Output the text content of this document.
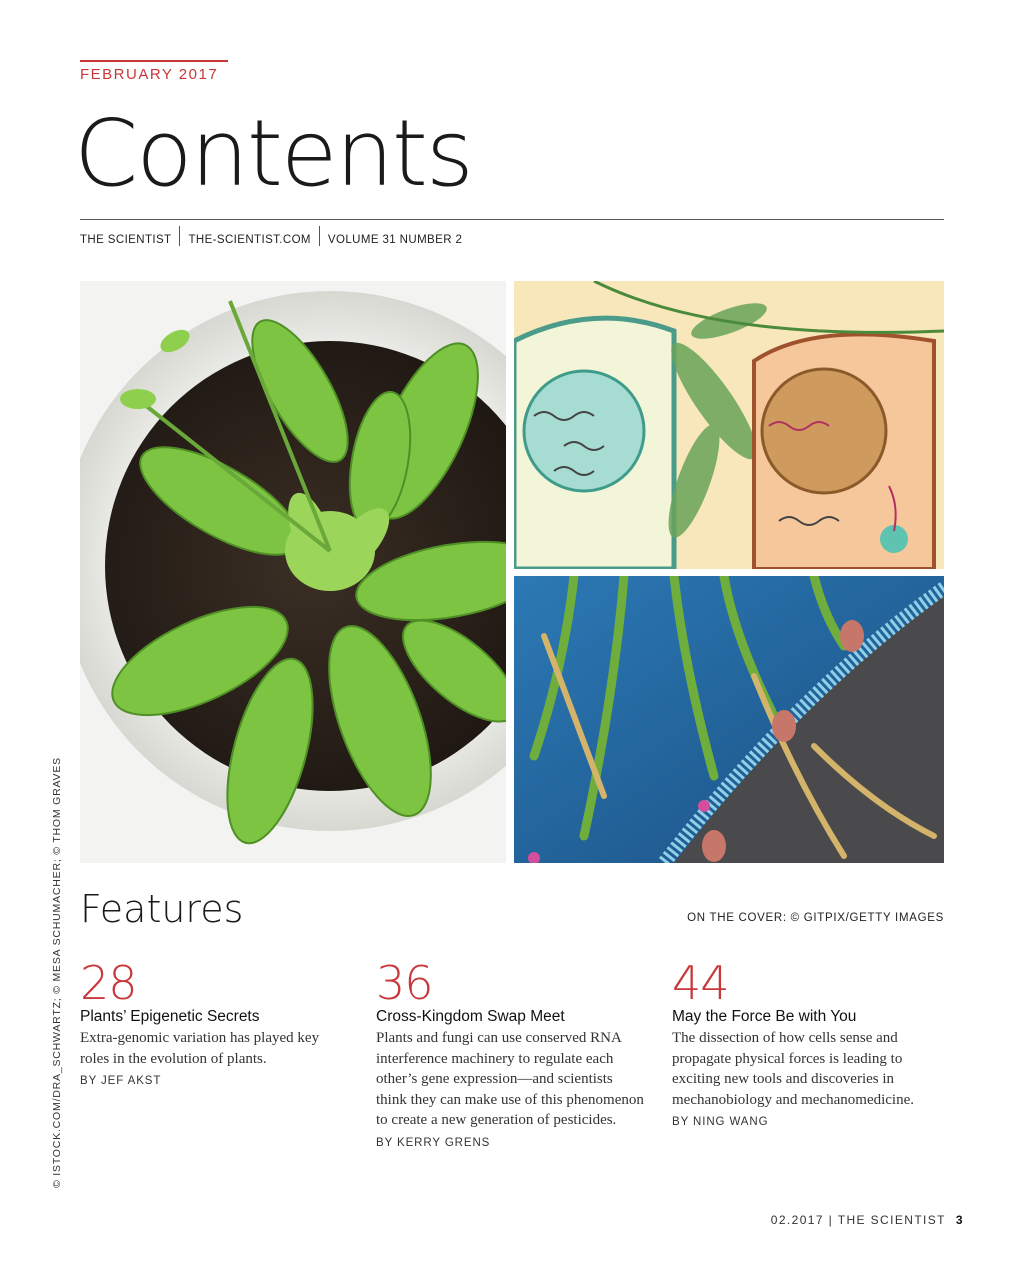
FEBRUARY 2017
Contents
THE SCIENTIST THE-SCIENTIST.COM VOLUME 31 NUMBER 2
© ISTOCK.COM/DRA_SCHWARTZ; © MESA SCHUMACHER; © THOM GRAVES Features	ON THE COVER: © GITPIX/GETTY IMAGES
28
Plants’ Epigenetic Secrets
Extra-genomic variation has played key roles in the evolution of plants.
BY JEF AKST
36
Cross-Kingdom Swap Meet
Plants and fungi can use conserved RNA interference machinery to regulate each other’s gene expression—and scientists think they can make use of this phenomenon to create a new generation of pesticides.
BY KERRY GRENS
44
May the Force Be with You
The dissection of how cells sense and propagate physical forces is leading to exciting new tools and discoveries in mechanobiology and mechanomedicine.
BY NING WANG
02.2017 | THE SCIENTIST 3
